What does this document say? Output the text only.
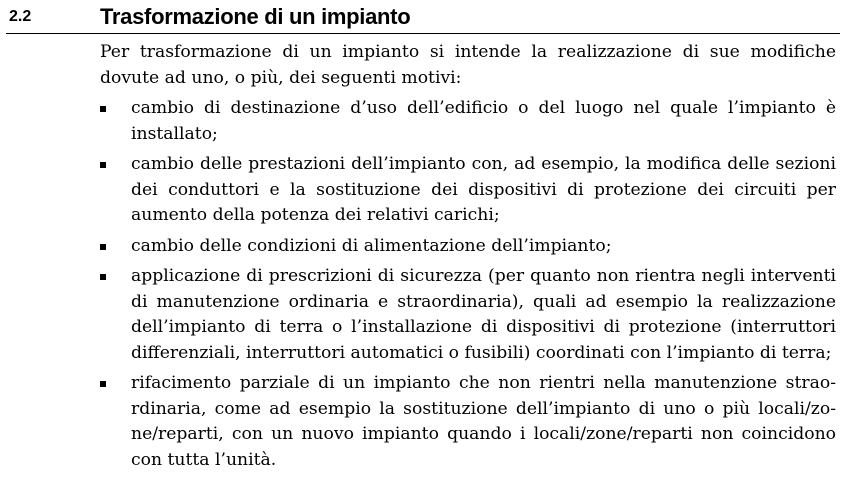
2.2	Trasformazione di un impianto

Per trasformazione di un impianto si intende la realizzazione di sue modifiche dovute ad uno, o più, dei seguenti motivi:

cambio di destinazione d’uso dell’edificio o del luogo nel quale l’impianto è installato;
cambio delle prestazioni dell’impianto con, ad esempio, la modifica delle sezioni dei conduttori e la sostituzione dei dispositivi di protezione dei circuiti per aumento della potenza dei relativi carichi;
cambio delle condizioni di alimentazione dell’impianto;
applicazione di prescrizioni di sicurezza (per quanto non rientra negli interventi di manutenzione ordinaria e straordinaria), quali ad esempio la realizzazione dell’impianto di terra o l’installazione di dispositivi di protezione (interruttori differenziali, interruttori automatici o fusibili) coordinati con l’impianto di terra;
rifacimento parziale di un impianto che non rientri nella manutenzione straordinaria, come ad esempio la sostituzione dell’impianto di uno o più locali/zone/reparti, con un nuovo impianto quando i locali/zone/reparti non coincidono con tutta l’unità.
